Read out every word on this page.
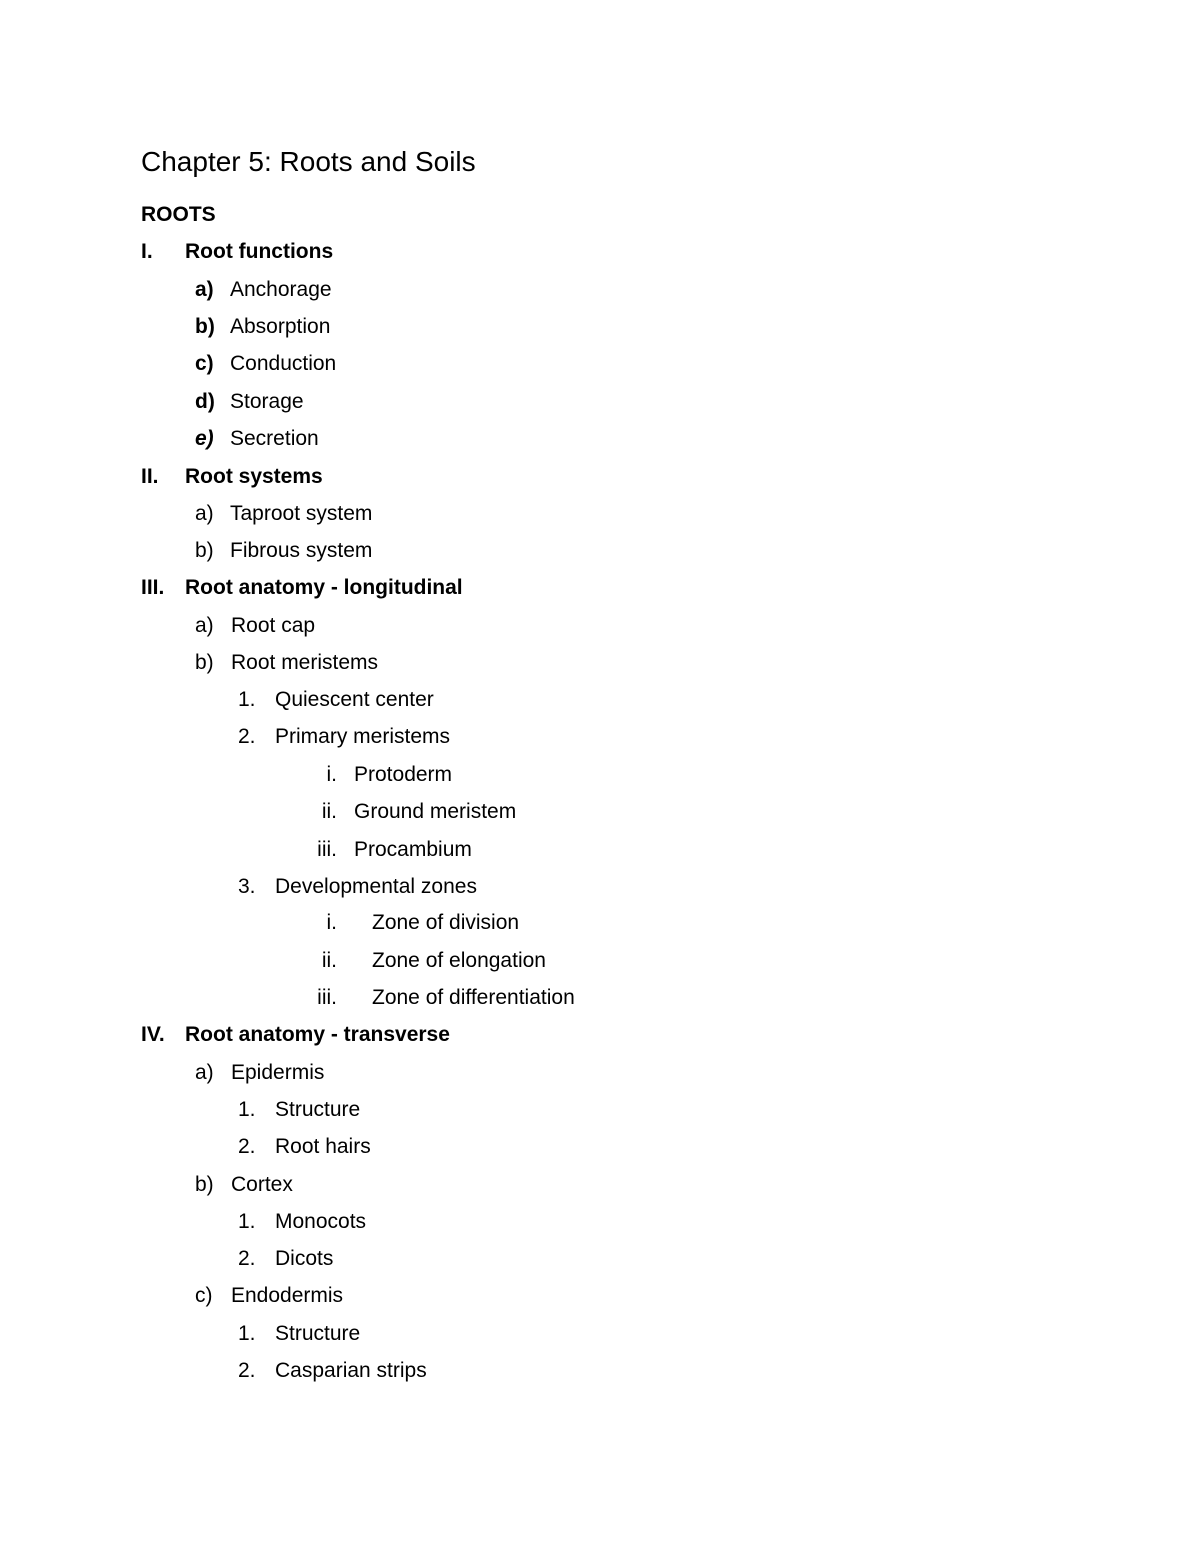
Chapter 5: Roots and Soils
ROOTS
I. Root functions
a) Anchorage
b) Absorption
c) Conduction
d) Storage
e) Secretion
II. Root systems
a) Taproot system
b) Fibrous system
III. Root anatomy - longitudinal
a) Root cap
b) Root meristems
1. Quiescent center
2. Primary meristems
i. Protoderm
ii. Ground meristem
iii. Procambium
3. Developmental zones
i. Zone of division
ii. Zone of elongation
iii. Zone of differentiation
IV. Root anatomy - transverse
a) Epidermis
1. Structure
2. Root hairs
b) Cortex
1. Monocots
2. Dicots
c) Endodermis
1. Structure
2. Casparian strips
